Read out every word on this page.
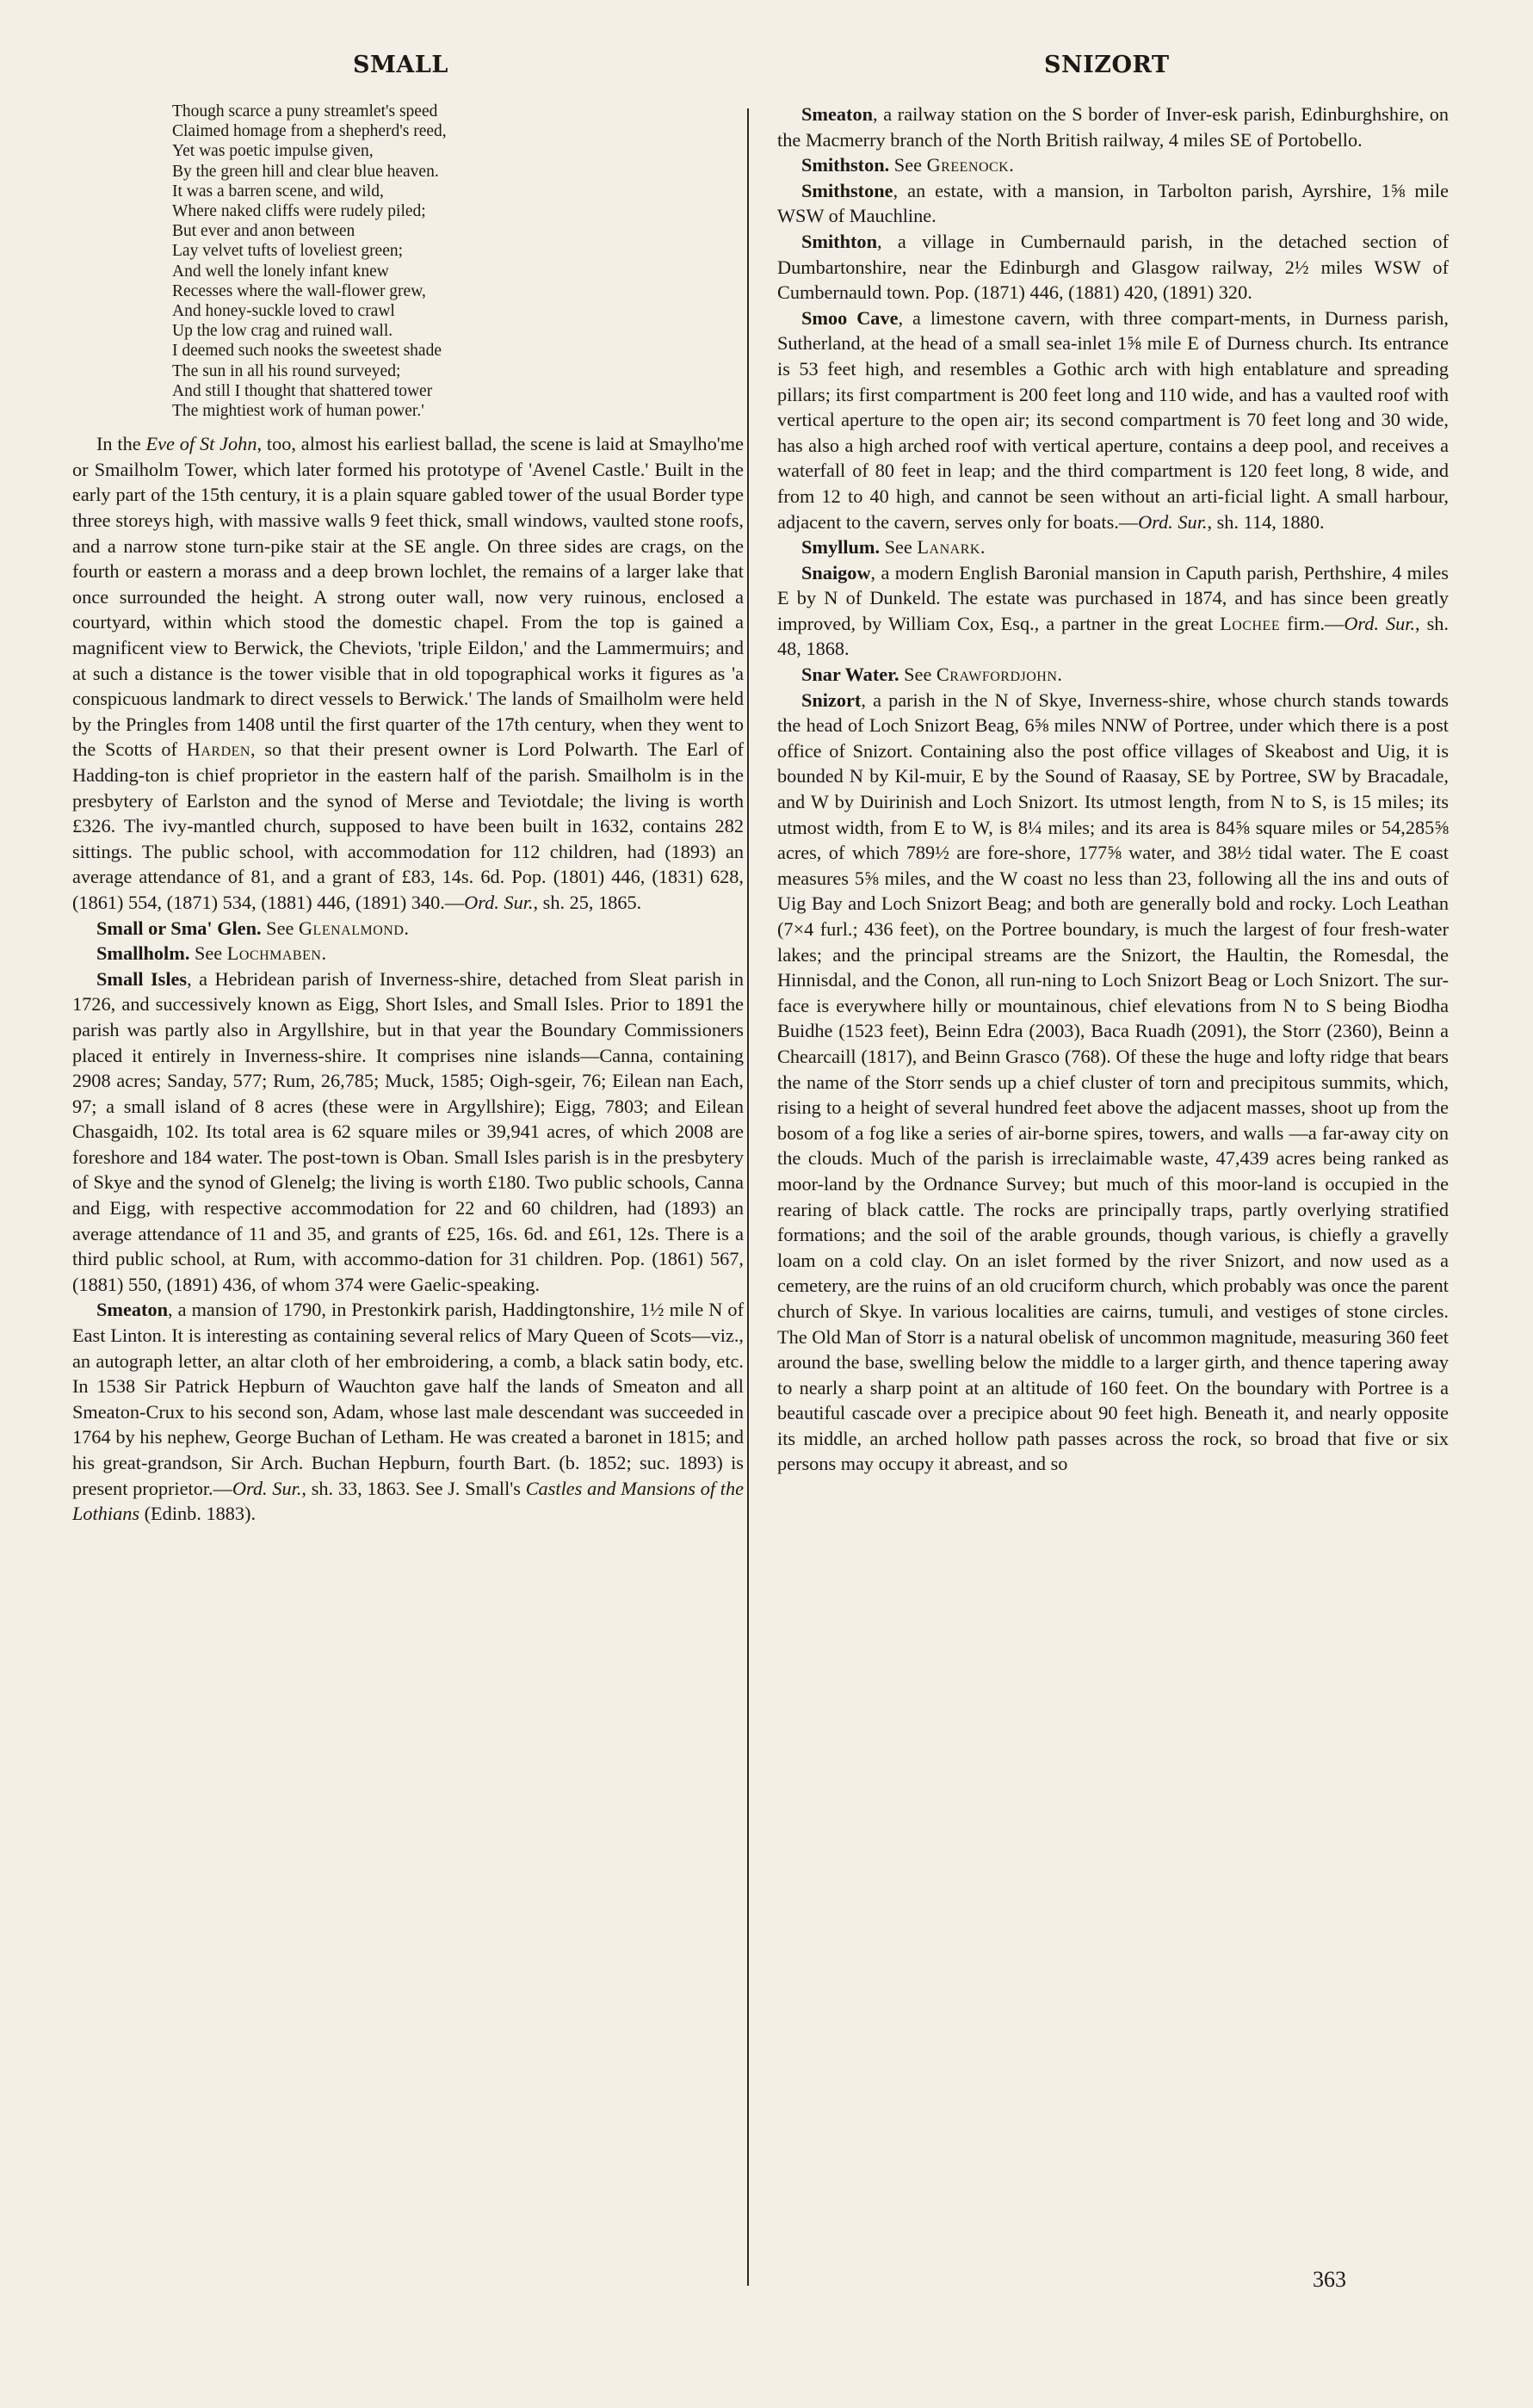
SMALL	SNIZORT
Though scarce a puny streamlet's speed
Claimed homage from a shepherd's reed,
Yet was poetic impulse given,
By the green hill and clear blue heaven.
It was a barren scene, and wild,
Where naked cliffs were rudely piled;
But ever and anon between
Lay velvet tufts of loveliest green;
And well the lonely infant knew
Recesses where the wall-flower grew,
And honey-suckle loved to crawl
Up the low crag and ruined wall.
I deemed such nooks the sweetest shade
The sun in all his round surveyed;
And still I thought that shattered tower
The mightiest work of human power.'

In the Eve of St John, too, almost his earliest ballad, the scene is laid at Smaylho'me or Smailholm Tower, which later formed his prototype of 'Avenel Castle.' Built in the early part of the 15th century, it is a plain square gabled tower of the usual Border type three storeys high, with massive walls 9 feet thick, small windows, vaulted stone roofs, and a narrow stone turn-pike stair at the SE angle. On three sides are crags, on the fourth or eastern a morass and a deep brown lochlet, the remains of a larger lake that once surrounded the height. A strong outer wall, now very ruinous, enclosed a courtyard, within which stood the domestic chapel. From the top is gained a magnificent view to Berwick, the Cheviots, 'triple Eildon,' and the Lammermuirs; and at such a distance is the tower visible that in old topographical works it figures as 'a conspicuous landmark to direct vessels to Berwick.' The lands of Smailholm were held by the Pringles from 1408 until the first quarter of the 17th century, when they went to the Scotts of Harden, so that their present owner is Lord Polwarth. The Earl of Hadding-ton is chief proprietor in the eastern half of the parish. Smailholm is in the presbytery of Earlston and the synod of Merse and Teviotdale; the living is worth £326. The ivy-mantled church, supposed to have been built in 1632, contains 282 sittings. The public school, with accommodation for 112 children, had (1893) an average attendance of 81, and a grant of £83, 14s. 6d. Pop. (1801) 446, (1831) 628, (1861) 554, (1871) 534, (1881) 446, (1891) 340.—Ord. Sur., sh. 25, 1865.

Small or Sma' Glen. See Glenalmond.

Smallholm. See Lochmaben.

Small Isles, a Hebridean parish of Inverness-shire, detached from Sleat parish in 1726, and successively known as Eigg, Short Isles, and Small Isles. Prior to 1891 the parish was partly also in Argyllshire, but in that year the Boundary Commissioners placed it entirely in Inverness-shire. It comprises nine islands—Canna, containing 2908 acres; Sanday, 577; Rum, 26,785; Muck, 1585; Oigh-sgeir, 76; Eilean nan Each, 97; a small island of 8 acres (these were in Argyllshire); Eigg, 7803; and Eilean Chasgaidh, 102. Its total area is 62 square miles or 39,941 acres, of which 2008 are foreshore and 184 water. The post-town is Oban. Small Isles parish is in the presbytery of Skye and the synod of Glenelg; the living is worth £180. Two public schools, Canna and Eigg, with respective accommodation for 22 and 60 children, had (1893) an average attendance of 11 and 35, and grants of £25, 16s. 6d. and £61, 12s. There is a third public school, at Rum, with accommo-dation for 31 children. Pop. (1861) 567, (1881) 550, (1891) 436, of whom 374 were Gaelic-speaking.

Smeaton, a mansion of 1790, in Prestonkirk parish, Haddingtonshire, 1½ mile N of East Linton. It is interesting as containing several relics of Mary Queen of Scots—viz., an autograph letter, an altar cloth of her embroidering, a comb, a black satin body, etc. In 1538 Sir Patrick Hepburn of Wauchton gave half the lands of Smeaton and all Smeaton-Crux to his second son, Adam, whose last male descendant was succeeded in 1764 by his nephew, George Buchan of Letham. He was created a baronet in 1815; and his great-grandson, Sir Arch. Buchan Hepburn, fourth Bart. (b. 1852; suc. 1893) is present proprietor.—Ord. Sur., sh. 33, 1863. See J. Small's Castles and Mansions of the Lothians (Edinb. 1883).

Smeaton, a railway station on the S border of Inver-esk parish, Edinburghshire, on the Macmerry branch of the North British railway, 4 miles SE of Portobello.

Smithston. See Greenock.

Smithstone, an estate, with a mansion, in Tarbolton parish, Ayrshire, 1⅝ mile WSW of Mauchline.

Smithton, a village in Cumbernauld parish, in the detached section of Dumbartonshire, near the Edinburgh and Glasgow railway, 2½ miles WSW of Cumbernauld town. Pop. (1871) 446, (1881) 420, (1891) 320.

Smoo Cave, a limestone cavern, with three compart-ments, in Durness parish, Sutherland, at the head of a small sea-inlet 1⅝ mile E of Durness church. Its entrance is 53 feet high, and resembles a Gothic arch with high entablature and spreading pillars; its first compartment is 200 feet long and 110 wide, and has a vaulted roof with vertical aperture to the open air; its second compartment is 70 feet long and 30 wide, has also a high arched roof with vertical aperture, contains a deep pool, and receives a waterfall of 80 feet in leap; and the third compartment is 120 feet long, 8 wide, and from 12 to 40 high, and cannot be seen without an arti-ficial light. A small harbour, adjacent to the cavern, serves only for boats.—Ord. Sur., sh. 114, 1880.

Smyllum. See Lanark.

Snaigow, a modern English Baronial mansion in Caputh parish, Perthshire, 4 miles E by N of Dunkeld. The estate was purchased in 1874, and has since been greatly improved, by William Cox, Esq., a partner in the great Lochee firm.—Ord. Sur., sh. 48, 1868.

Snar Water. See Crawfordjohn.

Snizort, a parish in the N of Skye, Inverness-shire, whose church stands towards the head of Loch Snizort Beag, 6⅝ miles NNW of Portree, under which there is a post office of Snizort. Containing also the post office villages of Skeabost and Uig, it is bounded N by Kil-muir, E by the Sound of Raasay, SE by Portree, SW by Bracadale, and W by Duirinish and Loch Snizort. Its utmost length, from N to S, is 15 miles; its utmost width, from E to W, is 8¼ miles; and its area is 84⅝ square miles or 54,285⅝ acres, of which 789½ are fore-shore, 177⅝ water, and 38½ tidal water. The E coast measures 5⅝ miles, and the W coast no less than 23, following all the ins and outs of Uig Bay and Loch Snizort Beag; and both are generally bold and rocky. Loch Leathan (7×4 furl.; 436 feet), on the Portree boundary, is much the largest of four fresh-water lakes; and the principal streams are the Snizort, the Haultin, the Romesdal, the Hinnisdal, and the Conon, all run-ning to Loch Snizort Beag or Loch Snizort. The sur-face is everywhere hilly or mountainous, chief elevations from N to S being Biodha Buidhe (1523 feet), Beinn Edra (2003), Baca Ruadh (2091), the Storr (2360), Beinn a Chearcaill (1817), and Beinn Grasco (768). Of these the huge and lofty ridge that bears the name of the Storr sends up a chief cluster of torn and precipitous summits, which, rising to a height of several hundred feet above the adjacent masses, shoot up from the bosom of a fog like a series of air-borne spires, towers, and walls —a far-away city on the clouds. Much of the parish is irreclaimable waste, 47,439 acres being ranked as moor-land by the Ordnance Survey; but much of this moor-land is occupied in the rearing of black cattle. The rocks are principally traps, partly overlying stratified formations; and the soil of the arable grounds, though various, is chiefly a gravelly loam on a cold clay. On an islet formed by the river Snizort, and now used as a cemetery, are the ruins of an old cruciform church, which probably was once the parent church of Skye. In various localities are cairns, tumuli, and vestiges of stone circles. The Old Man of Storr is a natural obelisk of uncommon magnitude, measuring 360 feet around the base, swelling below the middle to a larger girth, and thence tapering away to nearly a sharp point at an altitude of 160 feet. On the boundary with Portree is a beautiful cascade over a precipice about 90 feet high. Beneath it, and nearly opposite its middle, an arched hollow path passes across the rock, so broad that five or six persons may occupy it abreast, and so

363
